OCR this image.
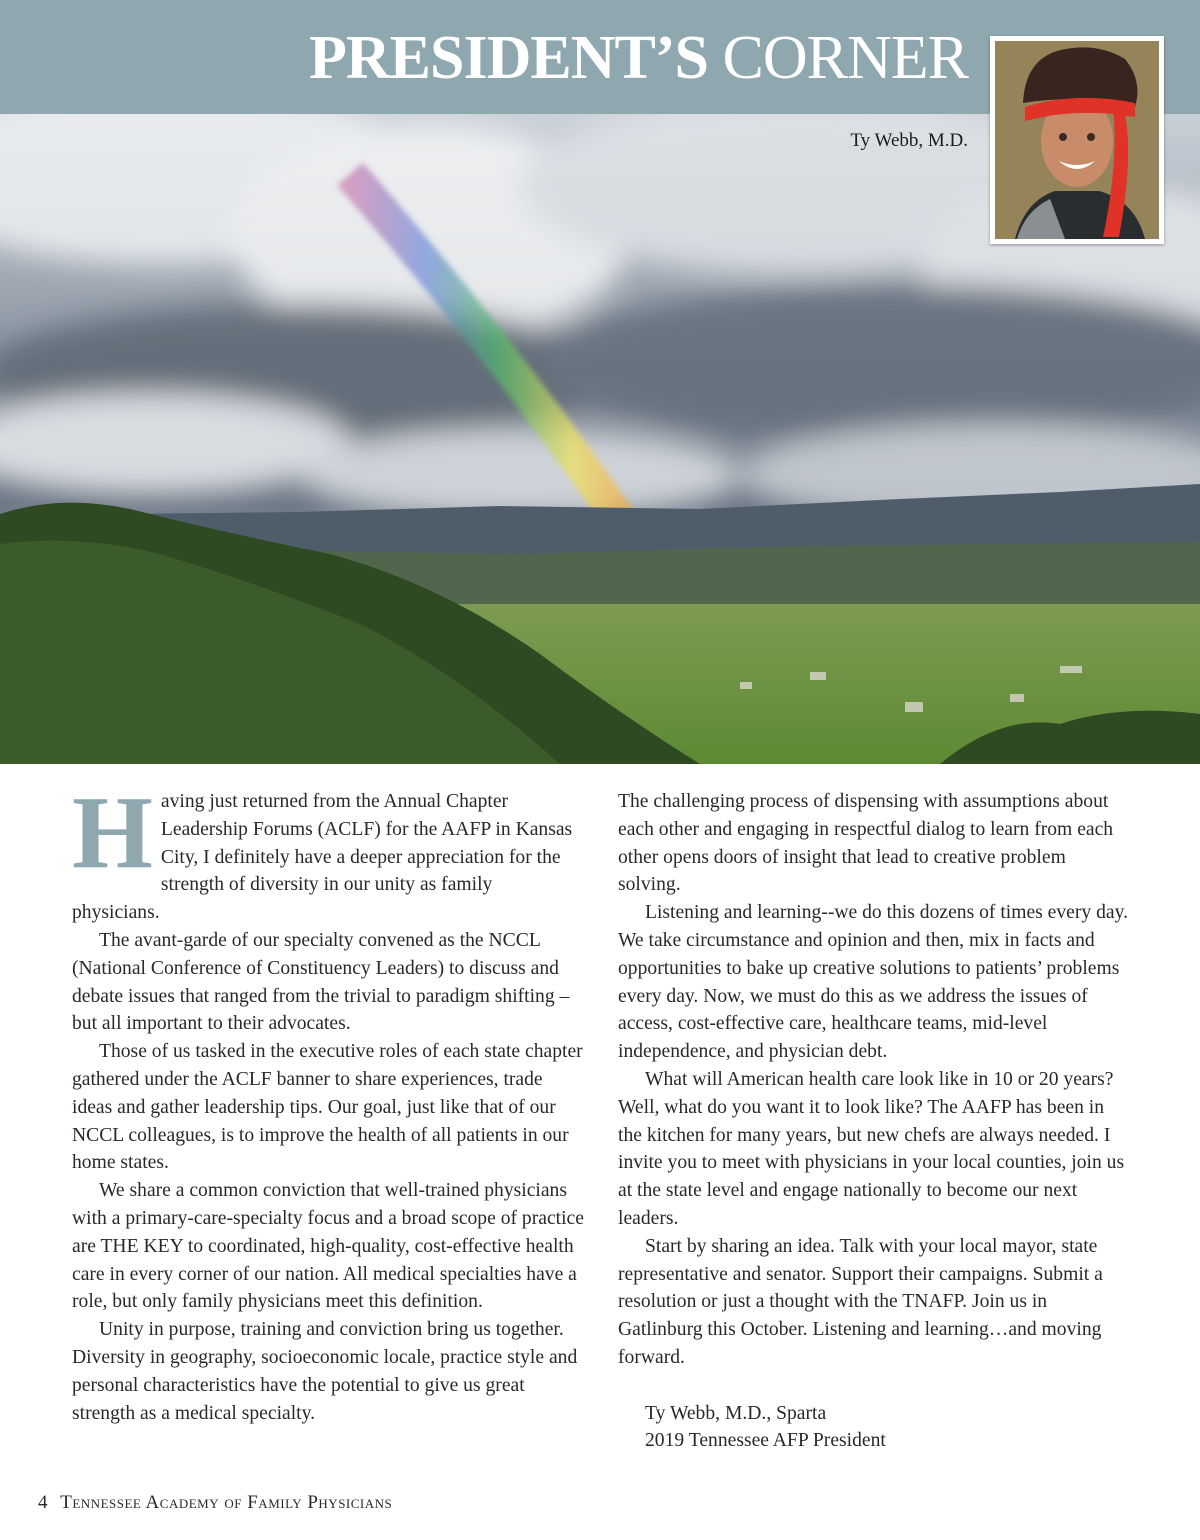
PRESIDENT’S CORNER
Ty Webb, M.D.

Having just returned from the Annual Chapter Leadership Forums (ACLF) for the AAFP in Kansas City, I definitely have a deeper appreciation for the strength of diversity in our unity as family physicians.

The avant-garde of our specialty convened as the NCCL (National Conference of Constituency Leaders) to discuss and debate issues that ranged from the trivial to paradigm shifting – but all important to their advocates.

Those of us tasked in the executive roles of each state chapter gathered under the ACLF banner to share experiences, trade ideas and gather leadership tips. Our goal, just like that of our NCCL colleagues, is to improve the health of all patients in our home states.

We share a common conviction that well-trained physicians with a primary-care-specialty focus and a broad scope of practice are THE KEY to coordinated, high-quality, cost-effective health care in every corner of our nation. All medical specialties have a role, but only family physicians meet this definition.

Unity in purpose, training and conviction bring us together. Diversity in geography, socioeconomic locale, practice style and personal characteristics have the potential to give us great strength as a medical specialty.

The challenging process of dispensing with assumptions about each other and engaging in respectful dialog to learn from each other opens doors of insight that lead to creative problem solving.

Listening and learning--we do this dozens of times every day. We take circumstance and opinion and then, mix in facts and opportunities to bake up creative solutions to patients’ problems every day. Now, we must do this as we address the issues of access, cost-effective care, healthcare teams, mid-level independence, and physician debt.

What will American health care look like in 10 or 20 years? Well, what do you want it to look like? The AAFP has been in the kitchen for many years, but new chefs are always needed. I invite you to meet with physicians in your local counties, join us at the state level and engage nationally to become our next leaders.

Start by sharing an idea. Talk with your local mayor, state representative and senator. Support their campaigns. Submit a resolution or just a thought with the TNAFP. Join us in Gatlinburg this October. Listening and learning…and moving forward.

Ty Webb, M.D., Sparta
2019 Tennessee AFP President
4 Tennessee Academy of Family Physicians
